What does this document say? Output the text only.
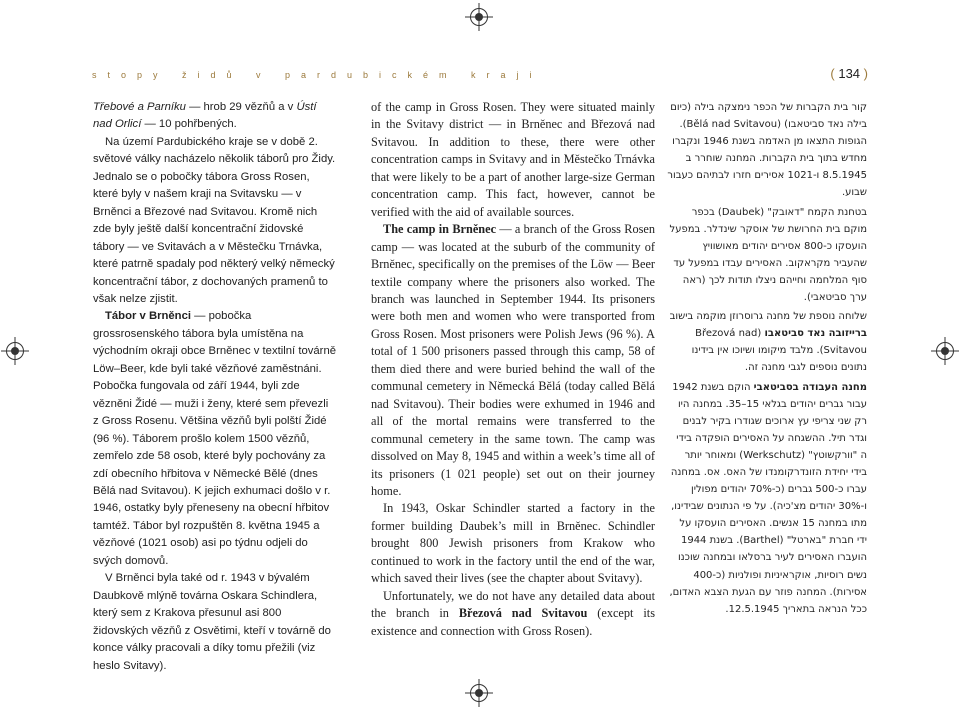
stopy židů v pardubickém kraji	( 134 )

Třebové a Parníku — hrob 29 vězňů a v Ústí nad Orlicí — 10 pohřbených.

Na území Pardubického kraje se v době 2. světové války nacházelo několik táborů pro Židy. Jednalo se o pobočky tábora Gross Rosen, které byly v našem kraji na Svitavsku — v Brněnci a Březové nad Svitavou. Kromě nich zde byly ještě další koncentrační židovské tábory — ve Svitavách a v Městečku Trnávka, které patrně spadaly pod některý velký německý koncentrační tábor, z dochovaných pramenů to však nelze zjistit.

Tábor v Brněnci — pobočka grossrosenského tábora byla umístěna na východním okraji obce Brněnec v textilní továrně Löw–Beer, kde byli také vězňové zaměstnáni. Pobočka fungovala od září 1944, byli zde vězněni Židé — muži i ženy, které sem převezli z Gross Rosenu. Většina vězňů byli polští Židé (96 %). Táborem prošlo kolem 1500 vězňů, zemřelo zde 58 osob, které byly pochovány za zdí obecního hřbitova v Německé Bělé (dnes Bělá nad Svitavou). K jejich exhumaci došlo v r. 1946, ostatky byly přeneseny na obecní hřbitov tamtéž. Tábor byl rozpuštěn 8. května 1945 a vězňové (1021 osob) asi po týdnu odjeli do svých domovů.

V Brněnci byla také od r. 1943 v bývalém Daubkově mlýně továrna Oskara Schindlera, který sem z Krakova přesunul asi 800 židovských vězňů z Osvětimi, kteří v továrně do konce války pracovali a díky tomu přežili (viz heslo Svitavy).

of the camp in Gross Rosen. They were situated mainly in the Svitavy district — in Brněnec and Březová nad Svitavou. In addition to these, there were other concentration camps in Svitavy and in Městečko Trnávka that were likely to be a part of another large-size German concentration camp. This fact, however, cannot be verified with the aid of available sources.

The camp in Brněnec — a branch of the Gross Rosen camp — was located at the suburb of the community of Brněnec, specifically on the premises of the Löw — Beer textile company where the prisoners also worked. The branch was launched in September 1944. Its prisoners were both men and women who were transported from Gross Rosen. Most prisoners were Polish Jews (96 %). A total of 1 500 prisoners passed through this camp, 58 of them died there and were buried behind the wall of the communal cemetery in Německá Bělá (today called Bělá nad Svitavou). Their bodies were exhumed in 1946 and all of the mortal remains were transferred to the communal cemetery in the same town. The camp was dissolved on May 8, 1945 and within a week’s time all of its prisoners (1 021 people) set out on their journey home.

In 1943, Oskar Schindler started a factory in the former building Daubek’s mill in Brněnec. Schindler brought 800 Jewish prisoners from Krakow who continued to work in the factory until the end of the war, which saved their lives (see the chapter about Svitavy).

Unfortunately, we do not have any detailed data about the branch in Březová nad Svitavou (except its existence and connection with Gross Rosen).

קור בית הקברות של הכפר נימצקה בילה (כיום בילה נאד סביטאבו) (Bělá nad Svitavou). הגופות התצאו מן האדמה בשנת 1946 ונקברו מחדש בתוך בית הקברות. המחנה שוחרר ב 8.5.1945 ו-1021 אסירים חזרו לבתיהם כעבור שבוע.

בטחנת הקמח "דאובק" (Daubek) בכפר מוקם בית החרושת של אוסקר שינדלר. במפעל הועסקו כ-800 אסירים יהודים מאושוויץ שהעביר מקראקוב. האסירים עבדו במפעל עד סוף המלחמה וחייהם ניצלו תודות לכך (ראה ערך סביטאבי).

שלוחה נוספת של מחנה גרוסרוזן מוקמה בישוב ברייזובה נאד סביטאבו (Březová nad Svitavou). מלבד מיקומו ושיוכו אין בידינו נתונים נוספים לגבי מחנה זה.

מחנה העבודה בסביטאבי הוקם בשנת 1942 עבור גברים יהודים בגלאי 15–35. במחנה היו רק שני צריפי עץ ארוכים שגודרו בקיר לבנים וגדר תיל. ההשגחה על האסירים הופקדה בידי ה "וורקשוטץ" (Werkschutz) ומאוחר יותר בידי יחידת הזונדרקומנדו של האס. אס. במחנה עברו כ-500 גברים (כ-70% יהודים מפולין ו-30% יהודים מצ'כיה). על פי הנתונים שבידינו, מתו במחנה 15 אנשים. האסירים הועסקו על ידי חברת "בארטל" (Barthel). בשנת 1944 הועברו האסירים לעיר ברסלאו ובמחנה שוכנו נשים רוסיות, אוקראיניות ופולניות (כ-400 אסירות). המחנה פוזר עם הגעת הצבא האדום, ככל הנראה בתאריך 12.5.1945.
